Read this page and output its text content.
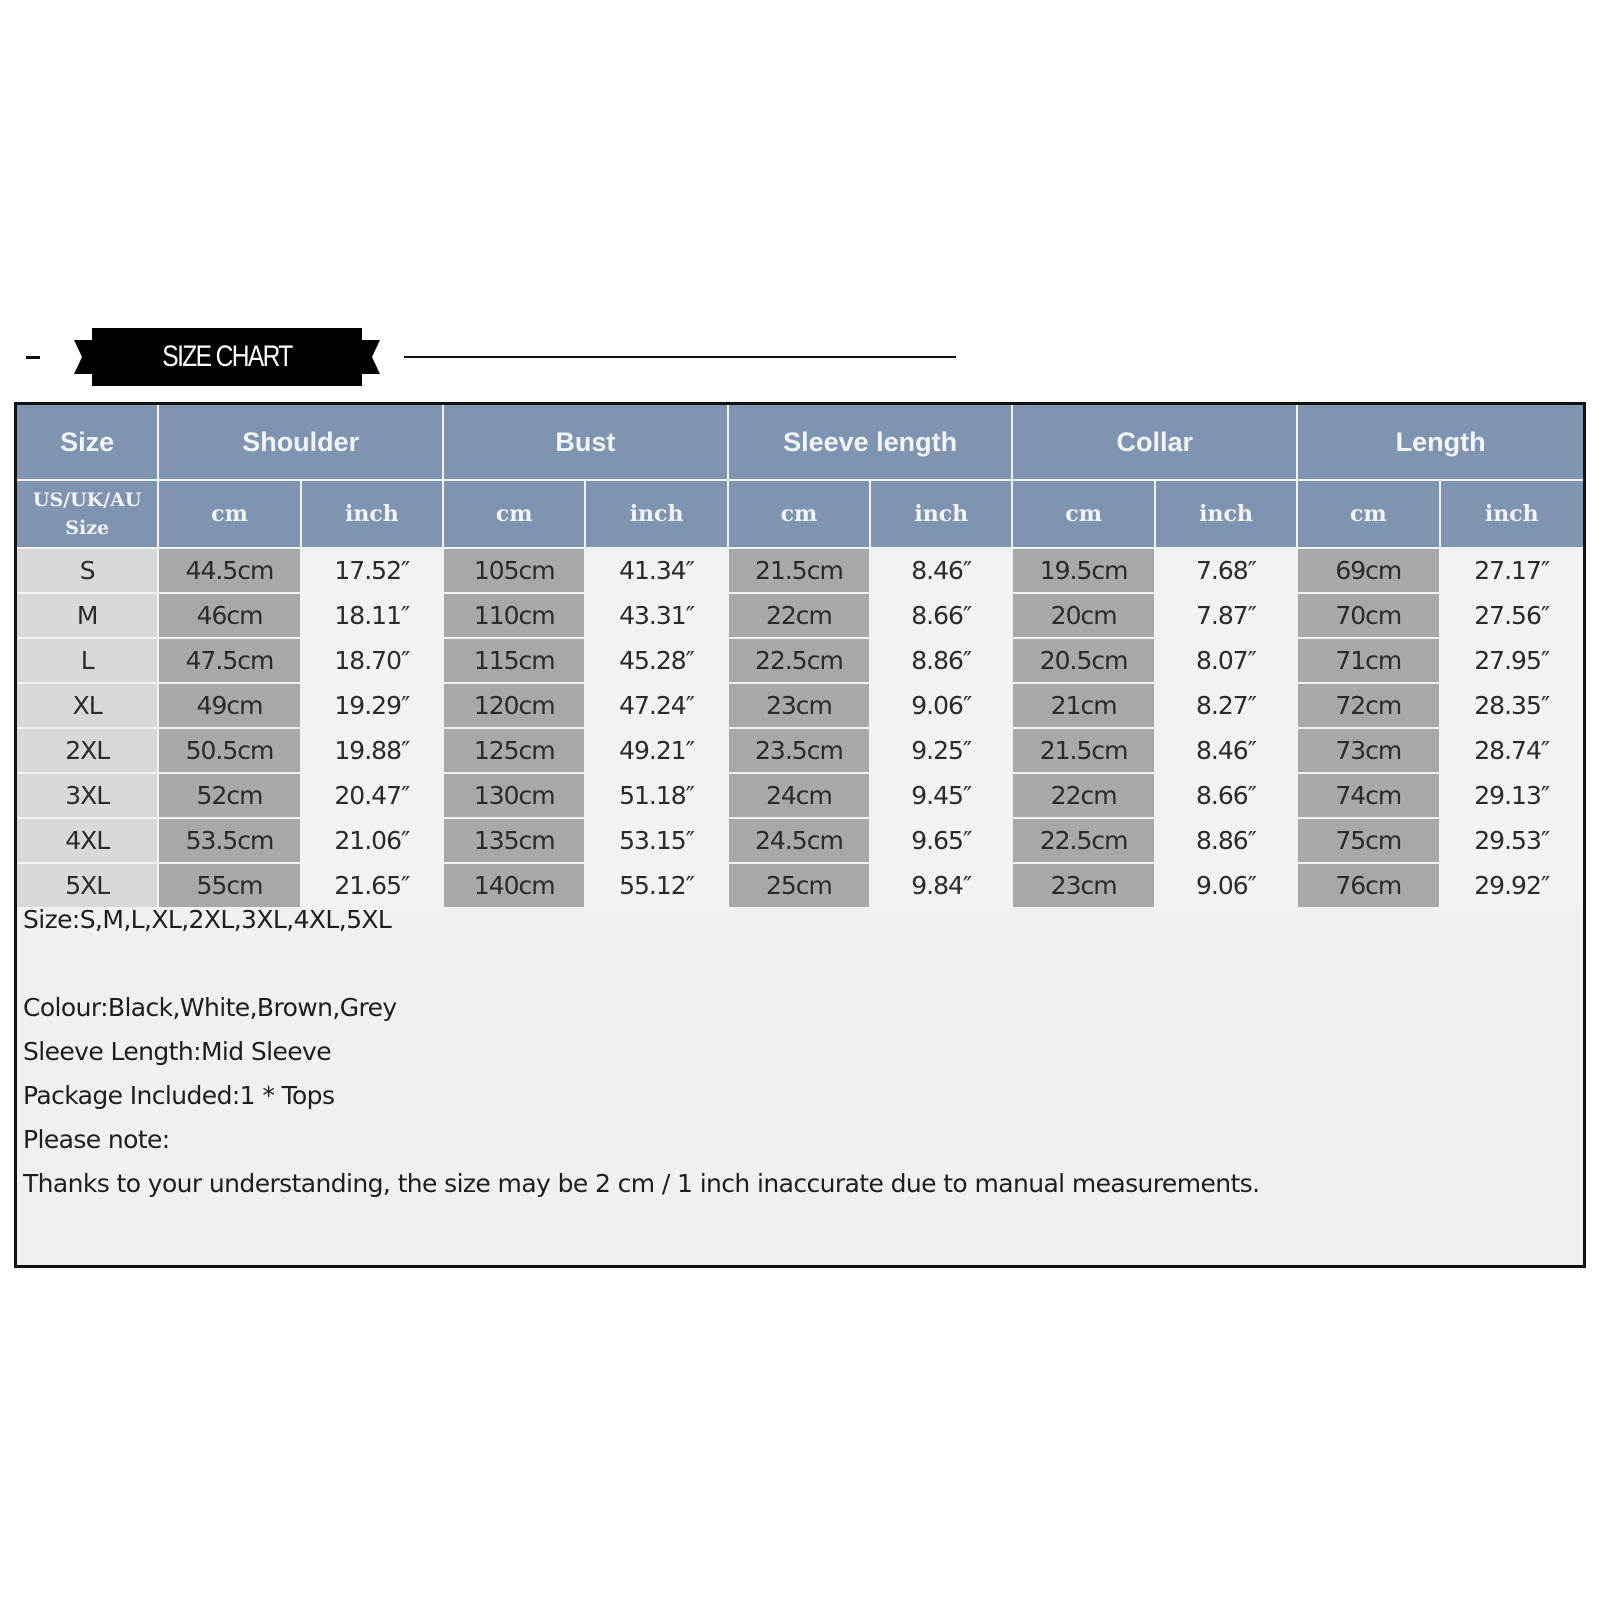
SIZE CHART
Size	Shoulder		Bust		Sleeve length		Collar		Length	

US/UK/AU
Size	cm	inch	cm	inch	cm	inch	cm	inch	cm	inch
S	44.5cm	17.52″	105cm	41.34″	21.5cm	8.46″	19.5cm	7.68″	69cm	27.17″
M	46cm	18.11″	110cm	43.31″	22cm	8.66″	20cm	7.87″	70cm	27.56″
L	47.5cm	18.70″	115cm	45.28″	22.5cm	8.86″	20.5cm	8.07″	71cm	27.95″
XL	49cm	19.29″	120cm	47.24″	23cm	9.06″	21cm	8.27″	72cm	28.35″
2XL	50.5cm	19.88″	125cm	49.21″	23.5cm	9.25″	21.5cm	8.46″	73cm	28.74″
3XL	52cm	20.47″	130cm	51.18″	24cm	9.45″	22cm	8.66″	74cm	29.13″
4XL	53.5cm	21.06″	135cm	53.15″	24.5cm	9.65″	22.5cm	8.86″	75cm	29.53″
5XL	55cm	21.65″	140cm	55.12″	25cm	9.84″	23cm	9.06″	76cm	29.92″
Size:S,M,L,XL,2XL,3XL,4XL,5XL
Colour:Black,White,Brown,Grey
Sleeve Length:Mid Sleeve
Package Included:1 * Tops
Please note:
Thanks to your understanding, the size may be 2 cm / 1 inch inaccurate due to manual measurements.
